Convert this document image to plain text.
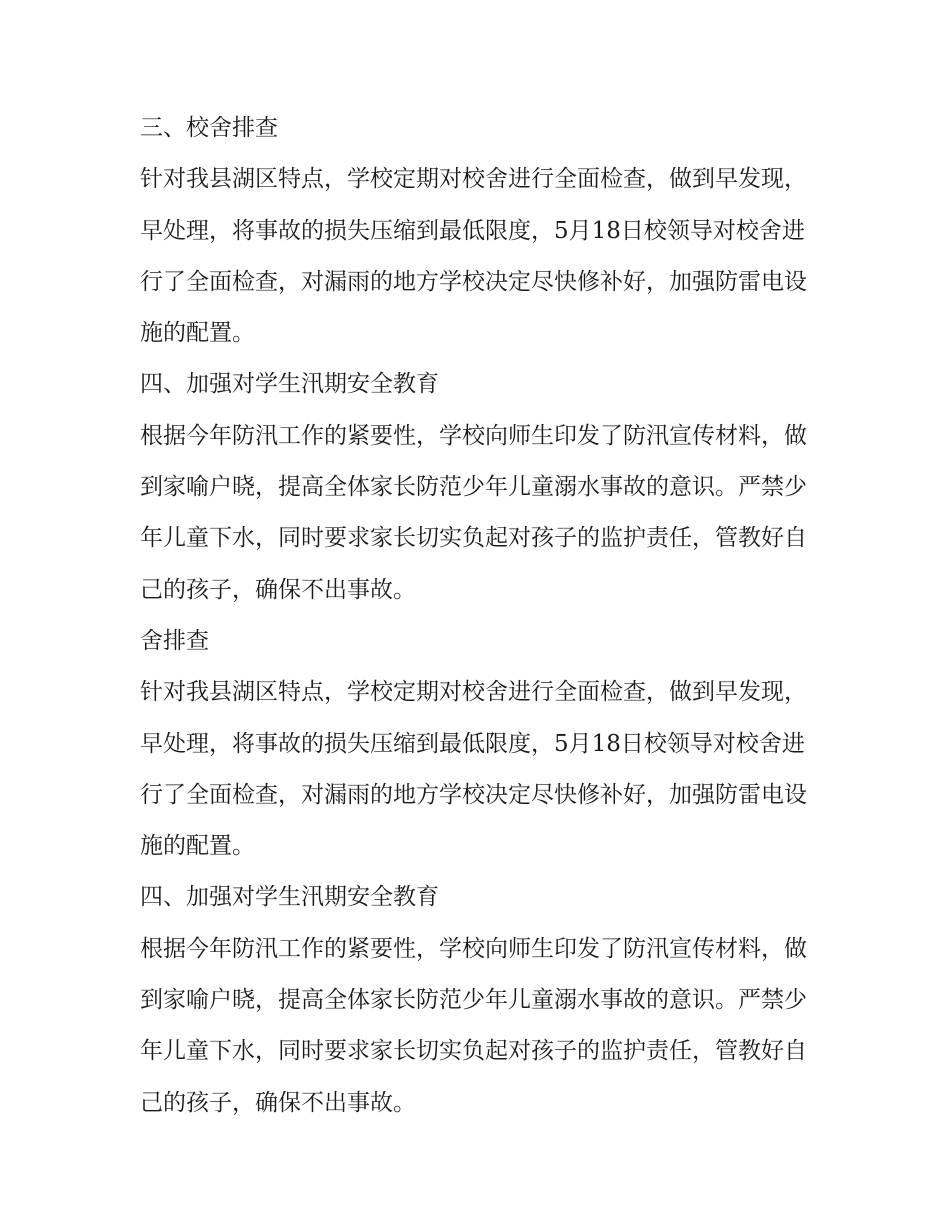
三、校舍排查

针对我县湖区特点，学校定期对校舍进行全面检查，做到早发现，早处理，将事故的损失压缩到最低限度，5月18日校领导对校舍进行了全面检查，对漏雨的地方学校决定尽快修补好，加强防雷电设施的配置。

四、加强对学生汛期安全教育

根据今年防汛工作的紧要性，学校向师生印发了防汛宣传材料，做到家喻户晓，提高全体家长防范少年儿童溺水事故的意识。严禁少年儿童下水，同时要求家长切实负起对孩子的监护责任，管教好自己的孩子，确保不出事故。

舍排查

针对我县湖区特点，学校定期对校舍进行全面检查，做到早发现，早处理，将事故的损失压缩到最低限度，5月18日校领导对校舍进行了全面检查，对漏雨的地方学校决定尽快修补好，加强防雷电设施的配置。

四、加强对学生汛期安全教育

根据今年防汛工作的紧要性，学校向师生印发了防汛宣传材料，做到家喻户晓，提高全体家长防范少年儿童溺水事故的意识。严禁少年儿童下水，同时要求家长切实负起对孩子的监护责任，管教好自己的孩子，确保不出事故。
